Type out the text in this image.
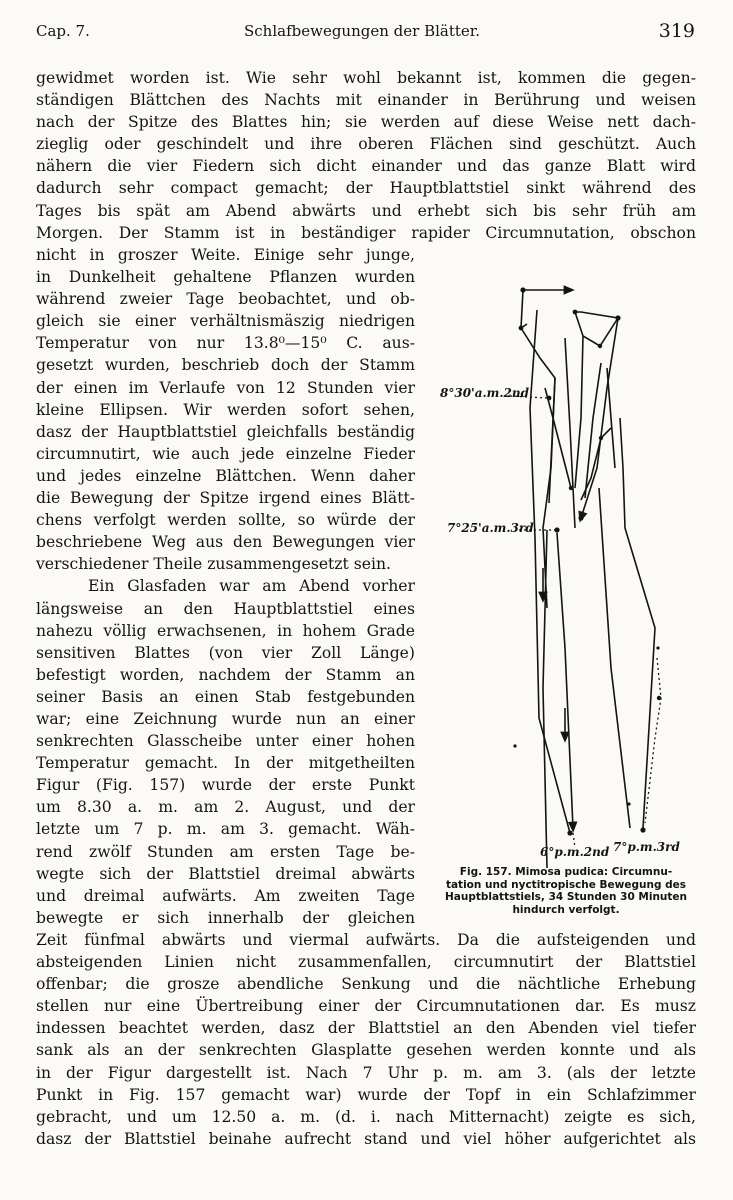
Cap. 7.	Schlafbewegungen der Blätter.	319
gewidmet worden ist. Wie sehr wohl bekannt ist, kommen die gegen-
ständigen Blättchen des Nachts mit einander in Berührung und weisen
nach der Spitze des Blattes hin; sie werden auf diese Weise nett dach-
zieglig oder geschindelt und ihre oberen Flächen sind geschützt. Auch
nähern die vier Fiedern sich dicht einander und das ganze Blatt wird
dadurch sehr compact gemacht; der Hauptblattstiel sinkt während des
Tages bis spät am Abend abwärts und erhebt sich bis sehr früh am
Morgen. Der Stamm ist in beständiger rapider Circumnutation, obschon
nicht in groszer Weite. Einige sehr junge,
in Dunkelheit gehaltene Pflanzen wurden
während zweier Tage beobachtet, und ob-
gleich sie einer verhältnismäszig niedrigen
Temperatur von nur 13.8⁰—15⁰ C. aus-
gesetzt wurden, beschrieb doch der Stamm
der einen im Verlaufe von 12 Stunden vier
kleine Ellipsen. Wir werden sofort sehen,
dasz der Hauptblattstiel gleichfalls beständig
circumnutirt, wie auch jede einzelne Fieder
und jedes einzelne Blättchen. Wenn daher
die Bewegung der Spitze irgend eines Blätt-
chens verfolgt werden sollte, so würde der
beschriebene Weg aus den Bewegungen vier
verschiedener Theile zusammengesetzt sein.
Ein Glasfaden war am Abend vorher
längsweise an den Hauptblattstiel eines
nahezu völlig erwachsenen, in hohem Grade
sensitiven Blattes (von vier Zoll Länge)
befestigt worden, nachdem der Stamm an
seiner Basis an einen Stab festgebunden
war; eine Zeichnung wurde nun an einer
senkrechten Glasscheibe unter einer hohen
Temperatur gemacht. In der mitgetheilten
Figur (Fig. 157) wurde der erste Punkt
um 8.30 a. m. am 2. August, und der
letzte um 7 p. m. am 3. gemacht. Wäh-
rend zwölf Stunden am ersten Tage be-
wegte sich der Blattstiel dreimal abwärts
und dreimal aufwärts. Am zweiten Tage
bewegte er sich innerhalb der gleichen
8°30'a.m.2nd
7°25'a.m.3rd
6°p.m.2nd 7°p.m.3rd
Fig. 157. Mimosa pudica: Circumnu-
tation und nyctitropische Bewegung des
Hauptblattstiels, 34 Stunden 30 Minuten
hindurch verfolgt.
Zeit fünfmal abwärts und viermal aufwärts. Da die aufsteigenden und
absteigenden Linien nicht zusammenfallen, circumnutirt der Blattstiel
offenbar; die grosze abendliche Senkung und die nächtliche Erhebung
stellen nur eine Übertreibung einer der Circumnutationen dar. Es musz
indessen beachtet werden, dasz der Blattstiel an den Abenden viel tiefer
sank als an der senkrechten Glasplatte gesehen werden konnte und als
in der Figur dargestellt ist. Nach 7 Uhr p. m. am 3. (als der letzte
Punkt in Fig. 157 gemacht war) wurde der Topf in ein Schlafzimmer
gebracht, und um 12.50 a. m. (d. i. nach Mitternacht) zeigte es sich,
dasz der Blattstiel beinahe aufrecht stand und viel höher aufgerichtet als
